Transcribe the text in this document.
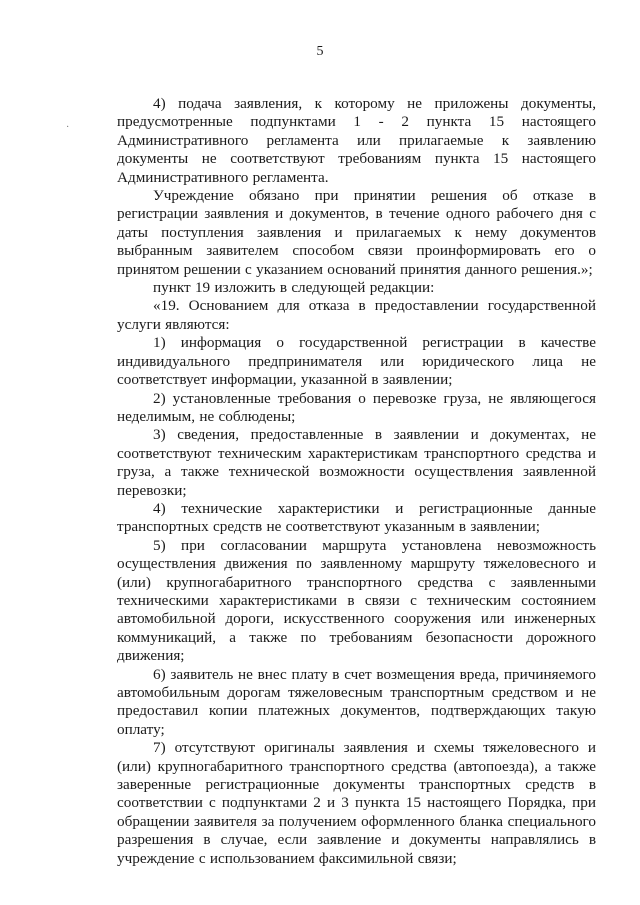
5
·

4) подача заявления, к которому не приложены документы, предусмотренные подпунктами 1 - 2 пункта 15 настоящего Административного регламента или прилагаемые к заявлению документы не соответствуют требованиям пункта 15 настоящего Административного регламента.

Учреждение обязано при принятии решения об отказе в регистрации заявления и документов, в течение одного рабочего дня с даты поступления заявления и прилагаемых к нему документов выбранным заявителем способом связи проинформировать его о принятом решении с указанием оснований принятия данного решения.»;

пункт 19 изложить в следующей редакции:

«19. Основанием для отказа в предоставлении государственной услуги являются:

1) информация о государственной регистрации в качестве индивидуального предпринимателя или юридического лица не соответствует информации, указанной в заявлении;

2) установленные требования о перевозке груза, не являющегося неделимым, не соблюдены;

3) сведения, предоставленные в заявлении и документах, не соответствуют техническим характеристикам транспортного средства и груза, а также технической возможности осуществления заявленной перевозки;

4) технические характеристики и регистрационные данные транспортных средств не соответствуют указанным в заявлении;

5) при согласовании маршрута установлена невозможность осуществления движения по заявленному маршруту тяжеловесного и (или) крупногабаритного транспортного средства с заявленными техническими характеристиками в связи с техническим состоянием автомобильной дороги, искусственного сооружения или инженерных коммуникаций, а также по требованиям безопасности дорожного движения;

6) заявитель не внес плату в счет возмещения вреда, причиняемого автомобильным дорогам тяжеловесным транспортным средством и не предоставил копии платежных документов, подтверждающих такую оплату;

7) отсутствуют оригиналы заявления и схемы тяжеловесного и (или) крупногабаритного транспортного средства (автопоезда), а также заверенные регистрационные документы транспортных средств в соответствии с подпунктами 2 и 3 пункта 15 настоящего Порядка, при обращении заявителя за получением оформленного бланка специального разрешения в случае, если заявление и документы направлялись в учреждение с использованием факсимильной связи;
